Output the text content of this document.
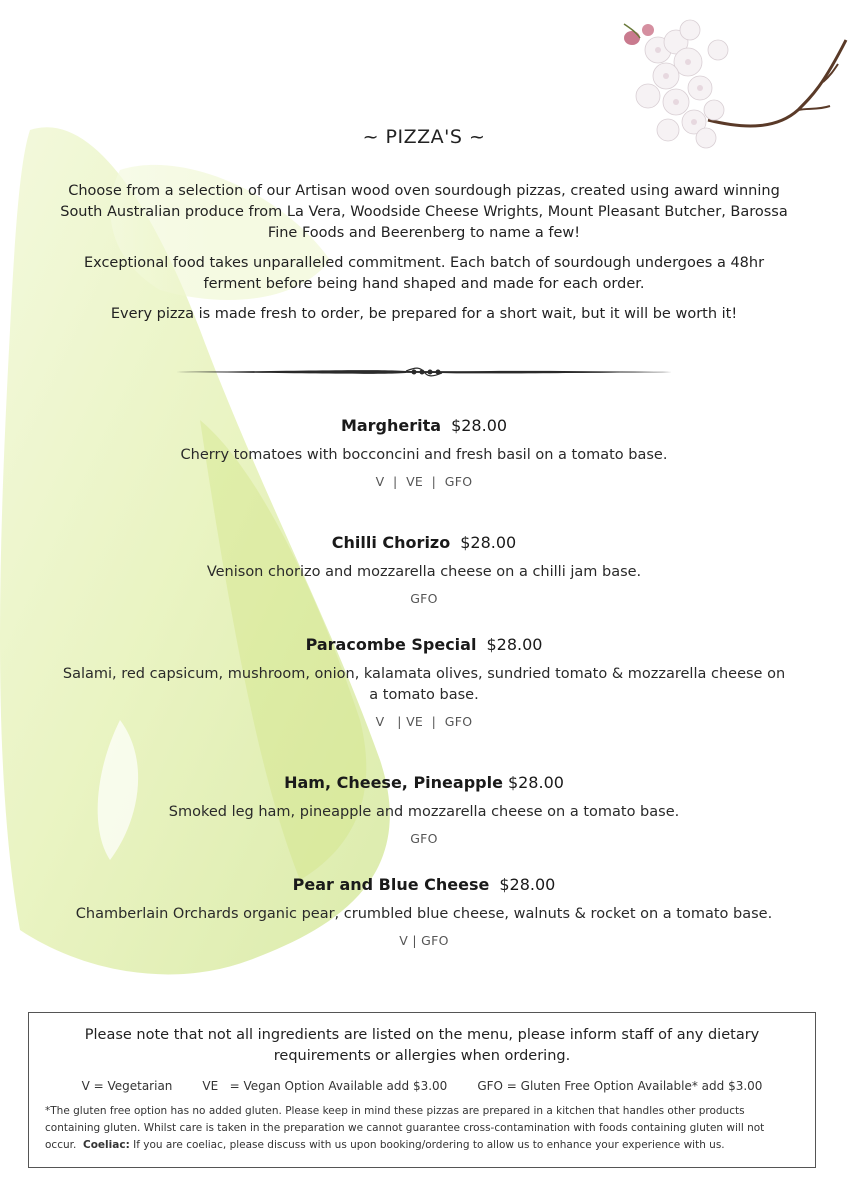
~ PIZZA'S ~

Choose from a selection of our Artisan wood oven sourdough pizzas, created using award winning South Australian produce from La Vera, Woodside Cheese Wrights, Mount Pleasant Butcher, Barossa Fine Foods and Beerenberg to name a few!

Exceptional food takes unparalleled commitment. Each batch of sourdough undergoes a 48hr ferment before being hand shaped and made for each order.

Every pizza is made fresh to order, be prepared for a short wait, but it will be worth it!

Margherita $28.00
Cherry tomatoes with bocconcini and fresh basil on a tomato base.
V  |  VE  |  GFO
Chilli Chorizo $28.00
Venison chorizo and mozzarella cheese on a chilli jam base.
GFO
Paracombe Special $28.00
Salami, red capsicum, mushroom, onion, kalamata olives, sundried tomato & mozzarella cheese on a tomato base.
V   | VE  |  GFO
Ham, Cheese, Pineapple $28.00
Smoked leg ham, pineapple and mozzarella cheese on a tomato base.
GFO
Pear and Blue Cheese $28.00
Chamberlain Orchards organic pear, crumbled blue cheese, walnuts & rocket on a tomato base.
V | GFO
Please note that not all ingredients are listed on the menu, please inform staff of any dietary requirements or allergies when ordering.
V = Vegetarian	VE   = Vegan Option Available add $3.00	GFO = Gluten Free Option Available* add $3.00
*The gluten free option has no added gluten. Please keep in mind these pizzas are prepared in a kitchen that handles other products containing gluten. Whilst care is taken in the preparation we cannot guarantee cross-contamination with foods containing gluten will not occur. Coeliac: If you are coeliac, please discuss with us upon booking/ordering to allow us to enhance your experience with us.
